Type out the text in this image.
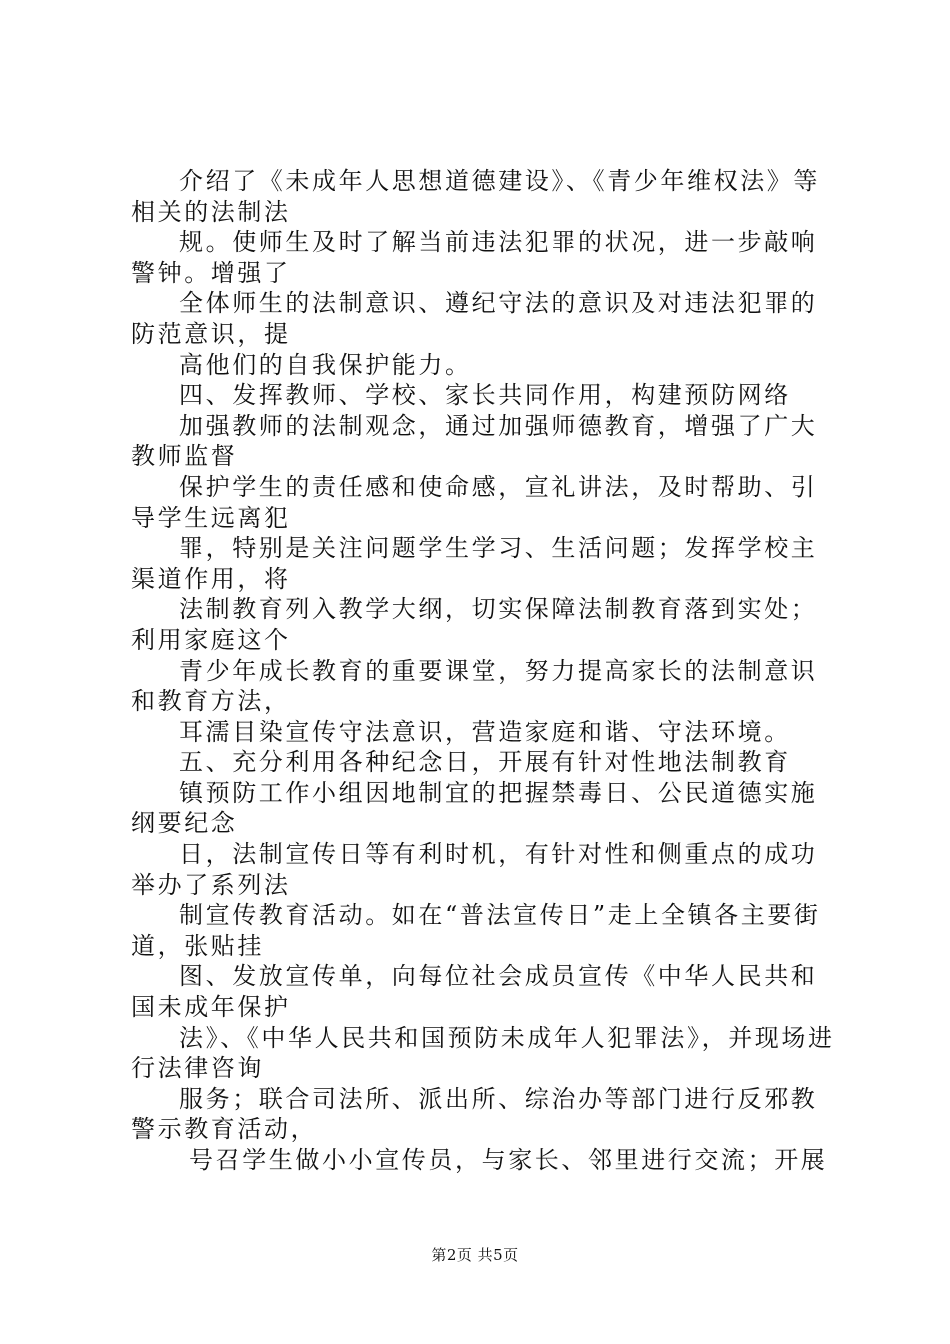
介绍了《未成年人思想道德建设》、《青少年维权法》等相关的法制法

规。使师生及时了解当前违法犯罪的状况，进一步敲响警钟。增强了

全体师生的法制意识、遵纪守法的意识及对违法犯罪的防范意识，提

高他们的自我保护能力。

四、发挥教师、学校、家长共同作用，构建预防网络

加强教师的法制观念，通过加强师德教育，增强了广大教师监督

保护学生的责任感和使命感，宣礼讲法，及时帮助、引导学生远离犯

罪，特别是关注问题学生学习、生活问题；发挥学校主渠道作用，将

法制教育列入教学大纲，切实保障法制教育落到实处；利用家庭这个

青少年成长教育的重要课堂，努力提高家长的法制意识和教育方法，

耳濡目染宣传守法意识，营造家庭和谐、守法环境。

五、充分利用各种纪念日，开展有针对性地法制教育

镇预防工作小组因地制宜的把握禁毒日、公民道德实施纲要纪念

日，法制宣传日等有利时机，有针对性和侧重点的成功举办了系列法

制宣传教育活动。如在“普法宣传日”走上全镇各主要街道，张贴挂

图、发放宣传单，向每位社会成员宣传《中华人民共和国未成年保护

法》、《中华人民共和国预防未成年人犯罪法》，并现场进行法律咨询

服务；联合司法所、派出所、综治办等部门进行反邪教警示教育活动，

号召学生做小小宣传员，与家长、邻里进行交流；开展

第2页 共5页
